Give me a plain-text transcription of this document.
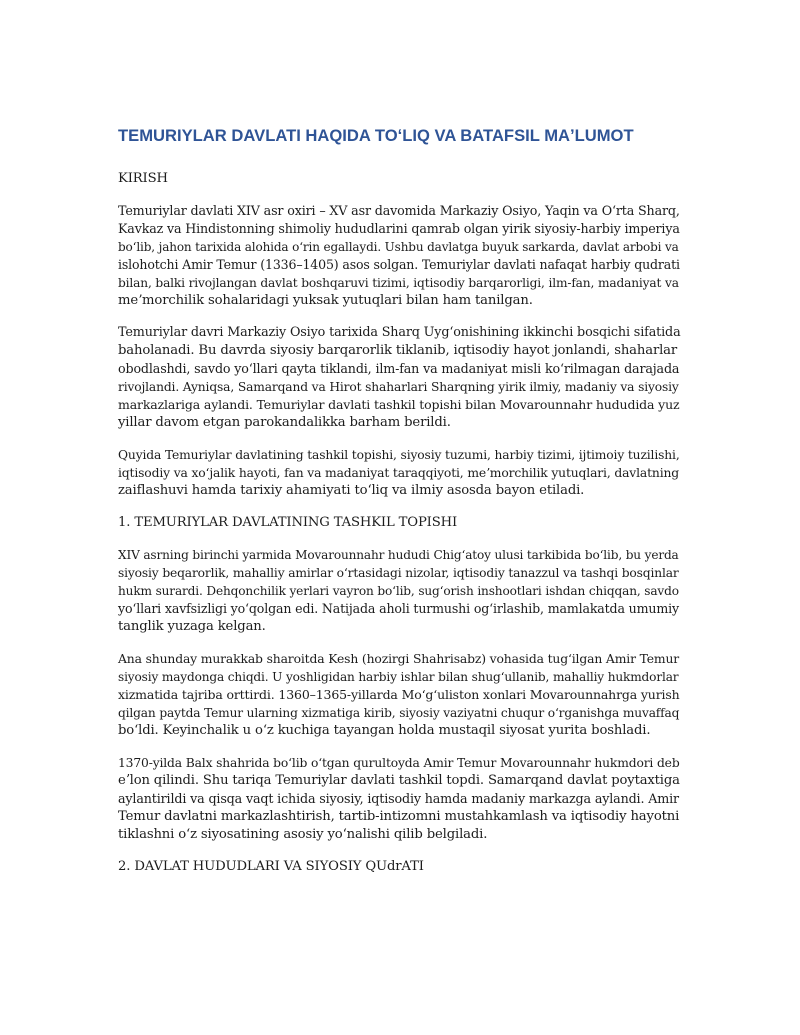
TEMURIYLAR DAVLATI HAQIDA TOʻLIQ VA BATAFSIL MAʼLUMOT
KIRISH
Temuriylar davlati XIV asr oxiri – XV asr davomida Markaziy Osiyo, Yaqin va Oʻrta Sharq,
Kavkaz va Hindistonning shimoliy hududlarini qamrab olgan yirik siyosiy-harbiy imperiya
boʻlib, jahon tarixida alohida oʻrin egallaydi. Ushbu davlatga buyuk sarkarda, davlat arbobi va
islohotchi Amir Temur (1336–1405) asos solgan. Temuriylar davlati nafaqat harbiy qudrati
bilan, balki rivojlangan davlat boshqaruvi tizimi, iqtisodiy barqarorligi, ilm-fan, madaniyat va
meʼmorchilik sohalaridagi yuksak yutuqlari bilan ham tanilgan.
Temuriylar davri Markaziy Osiyo tarixida Sharq Uygʻonishining ikkinchi bosqichi sifatida
baholanadi. Bu davrda siyosiy barqarorlik tiklanib, iqtisodiy hayot jonlandi, shaharlar
obodlashdi, savdo yoʻllari qayta tiklandi, ilm-fan va madaniyat misli koʻrilmagan darajada
rivojlandi. Ayniqsa, Samarqand va Hirot shaharlari Sharqning yirik ilmiy, madaniy va siyosiy
markazlariga aylandi. Temuriylar davlati tashkil topishi bilan Movarounnahr hududida yuz
yillar davom etgan parokandalikka barham berildi.
Quyida Temuriylar davlatining tashkil topishi, siyosiy tuzumi, harbiy tizimi, ijtimoiy tuzilishi,
iqtisodiy va xoʻjalik hayoti, fan va madaniyat taraqqiyoti, meʼmorchilik yutuqlari, davlatning
zaiflashuvi hamda tarixiy ahamiyati toʻliq va ilmiy asosda bayon etiladi.
1. TEMURIYLAR DAVLATINING TASHKIL TOPISHI
XIV asrning birinchi yarmida Movarounnahr hududi Chigʻatoy ulusi tarkibida boʻlib, bu yerda
siyosiy beqarorlik, mahalliy amirlar oʻrtasidagi nizolar, iqtisodiy tanazzul va tashqi bosqinlar
hukm surardi. Dehqonchilik yerlari vayron boʻlib, sugʻorish inshootlari ishdan chiqqan, savdo
yoʻllari xavfsizligi yoʻqolgan edi. Natijada aholi turmushi ogʻirlashib, mamlakatda umumiy
tanglik yuzaga kelgan.
Ana shunday murakkab sharoitda Kesh (hozirgi Shahrisabz) vohasida tugʻilgan Amir Temur
siyosiy maydonga chiqdi. U yoshligidan harbiy ishlar bilan shugʻullanib, mahalliy hukmdorlar
xizmatida tajriba orttirdi. 1360–1365-yillarda Moʻgʻuliston xonlari Movarounnahrga yurish
qilgan paytda Temur ularning xizmatiga kirib, siyosiy vaziyatni chuqur oʻrganishga muvaffaq
boʻldi. Keyinchalik u oʻz kuchiga tayangan holda mustaqil siyosat yurita boshladi.
1370-yilda Balx shahrida boʻlib oʻtgan qurultoyda Amir Temur Movarounnahr hukmdori deb
eʼlon qilindi. Shu tariqa Temuriylar davlati tashkil topdi. Samarqand davlat poytaxtiga
aylantirildi va qisqa vaqt ichida siyosiy, iqtisodiy hamda madaniy markazga aylandi. Amir
Temur davlatni markazlashtirish, tartib-intizomni mustahkamlash va iqtisodiy hayotni
tiklashni oʻz siyosatining asosiy yoʻnalishi qilib belgiladi.
2. DAVLAT HUDUDLARI VA SIYOSIY QUdrATI
